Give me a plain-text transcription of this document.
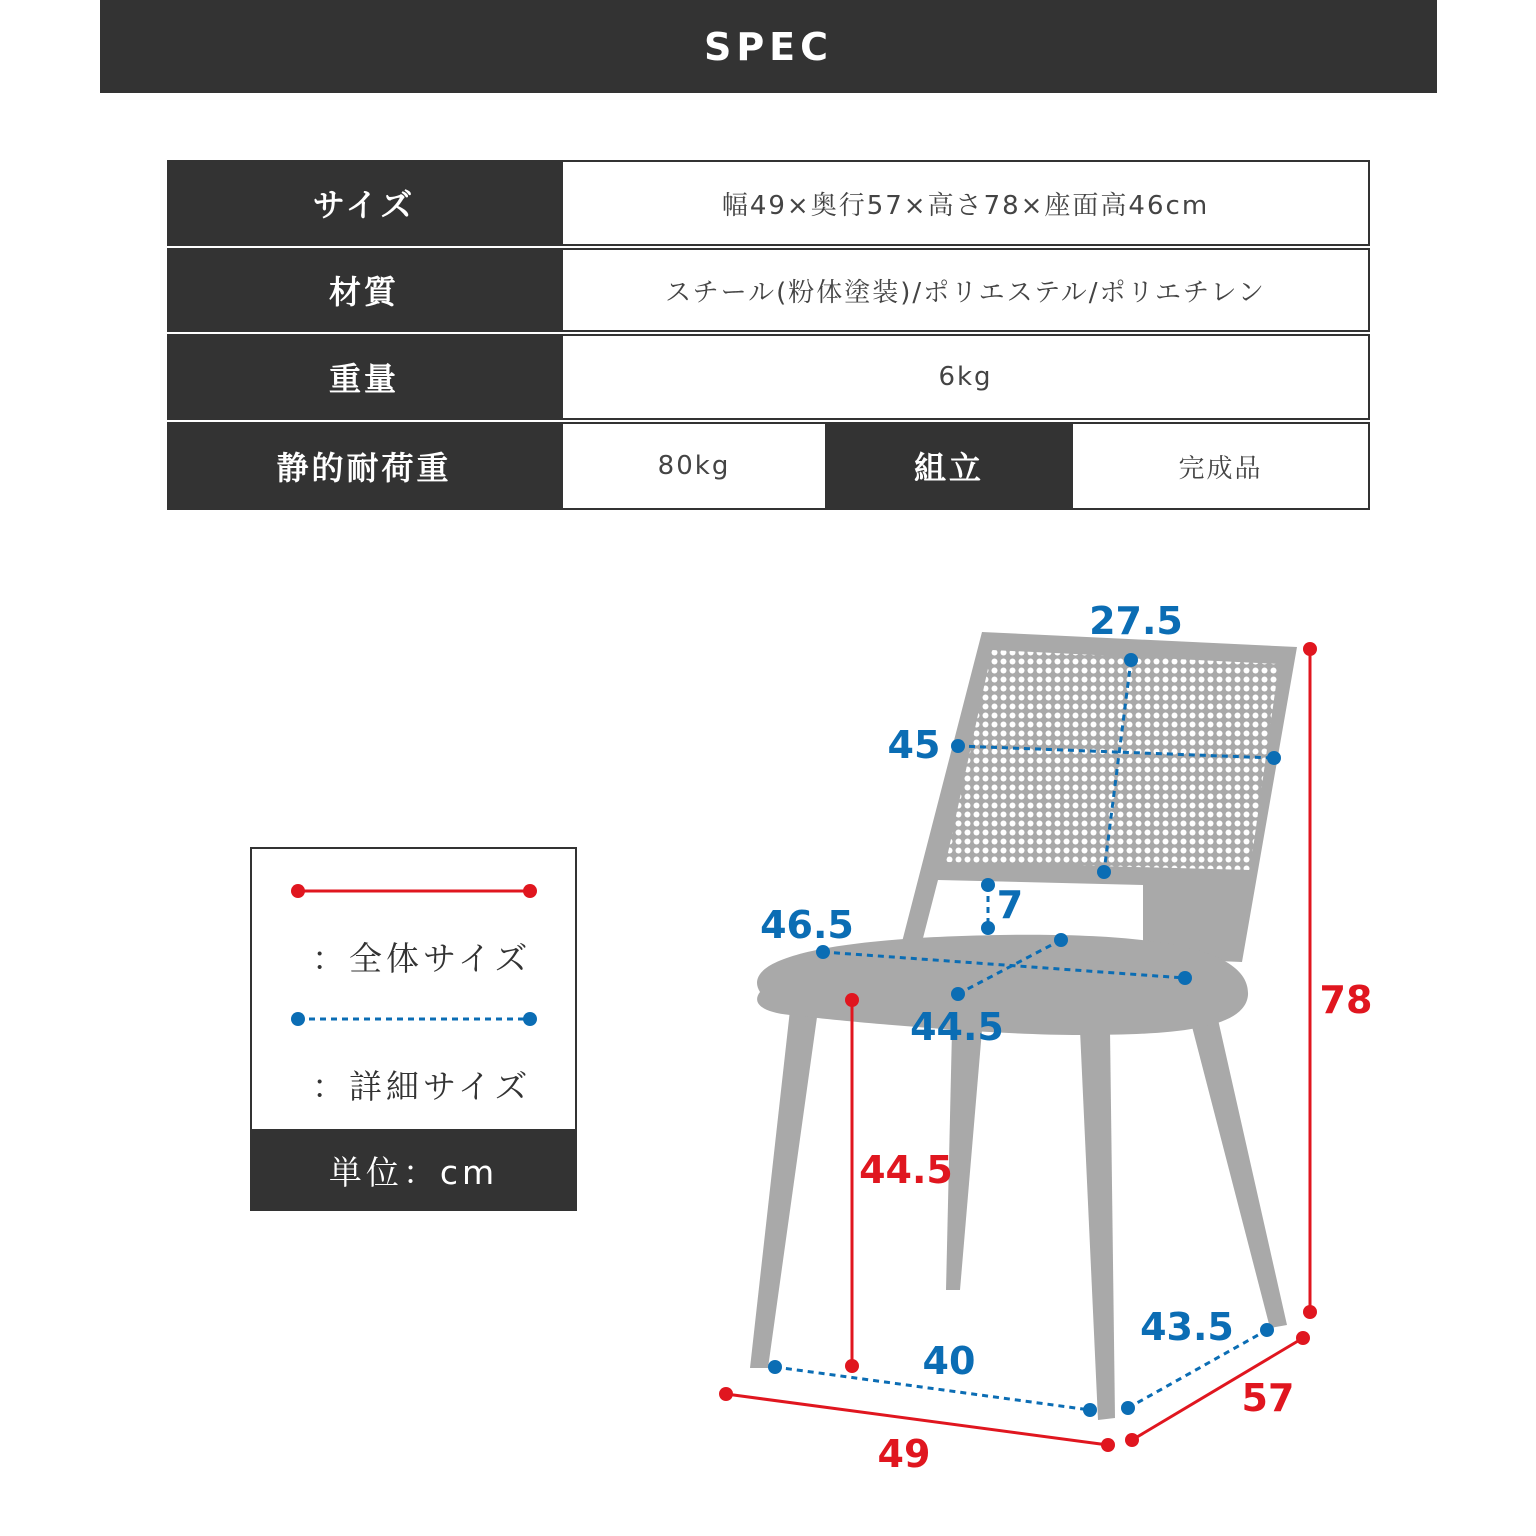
SPEC
サイズ	幅49×奥行57×高さ78×座面高46cm
材質	スチール(粉体塗装)/ポリエステル/ポリエチレン
重量	6kg
静的耐荷重	80kg	組立	完成品
：全体サイズ
：詳細サイズ
単位：cm
27.5
45
7
46.5
44.5
40
43.5
44.5
78
49
57
